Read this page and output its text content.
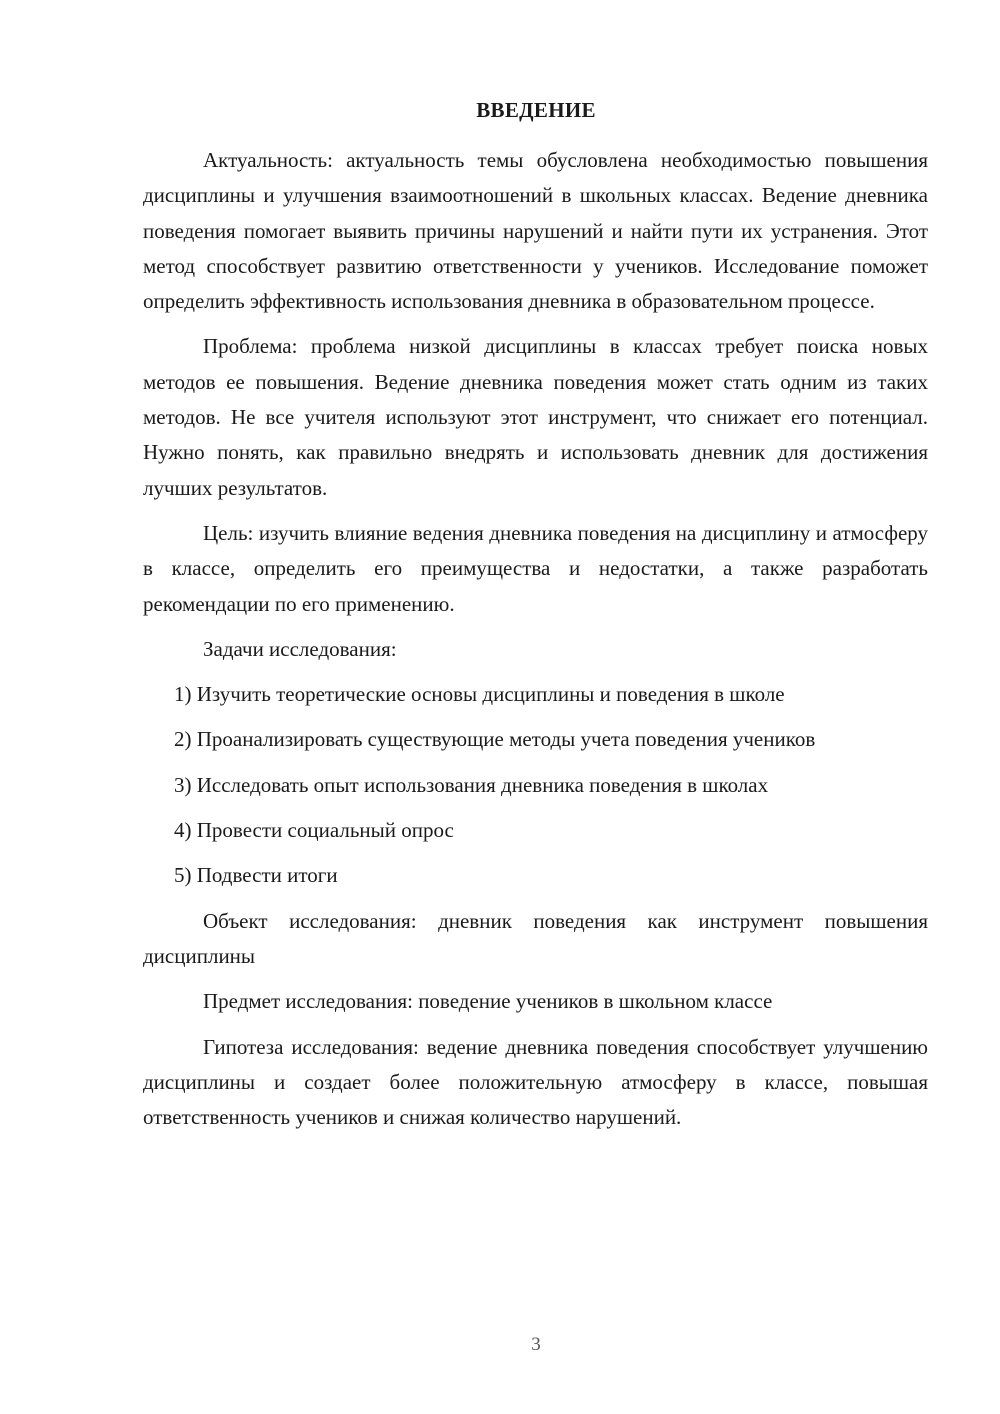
ВВЕДЕНИЕ

Актуальность: актуальность темы обусловлена необходимостью повышения дисциплины и улучшения взаимоотношений в школьных классах. Ведение дневника поведения помогает выявить причины нарушений и найти пути их устранения. Этот метод способствует развитию ответственности у учеников. Исследование поможет определить эффективность использования дневника в образовательном процессе.

Проблема: проблема низкой дисциплины в классах требует поиска новых методов ее повышения. Ведение дневника поведения может стать одним из таких методов. Не все учителя используют этот инструмент, что снижает его потенциал. Нужно понять, как правильно внедрять и использовать дневник для достижения лучших результатов.

Цель: изучить влияние ведения дневника поведения на дисциплину и атмосферу в классе, определить его преимущества и недостатки, а также разработать рекомендации по его применению.

Задачи исследования:

1) Изучить теоретические основы дисциплины и поведения в школе

2) Проанализировать существующие методы учета поведения учеников

3) Исследовать опыт использования дневника поведения в школах

4) Провести социальный опрос

5) Подвести итоги

Объект исследования: дневник поведения как инструмент повышения дисциплины

Предмет исследования: поведение учеников в школьном классе

Гипотеза исследования: ведение дневника поведения способствует улучшению дисциплины и создает более положительную атмосферу в классе, повышая ответственность учеников и снижая количество нарушений.

3
